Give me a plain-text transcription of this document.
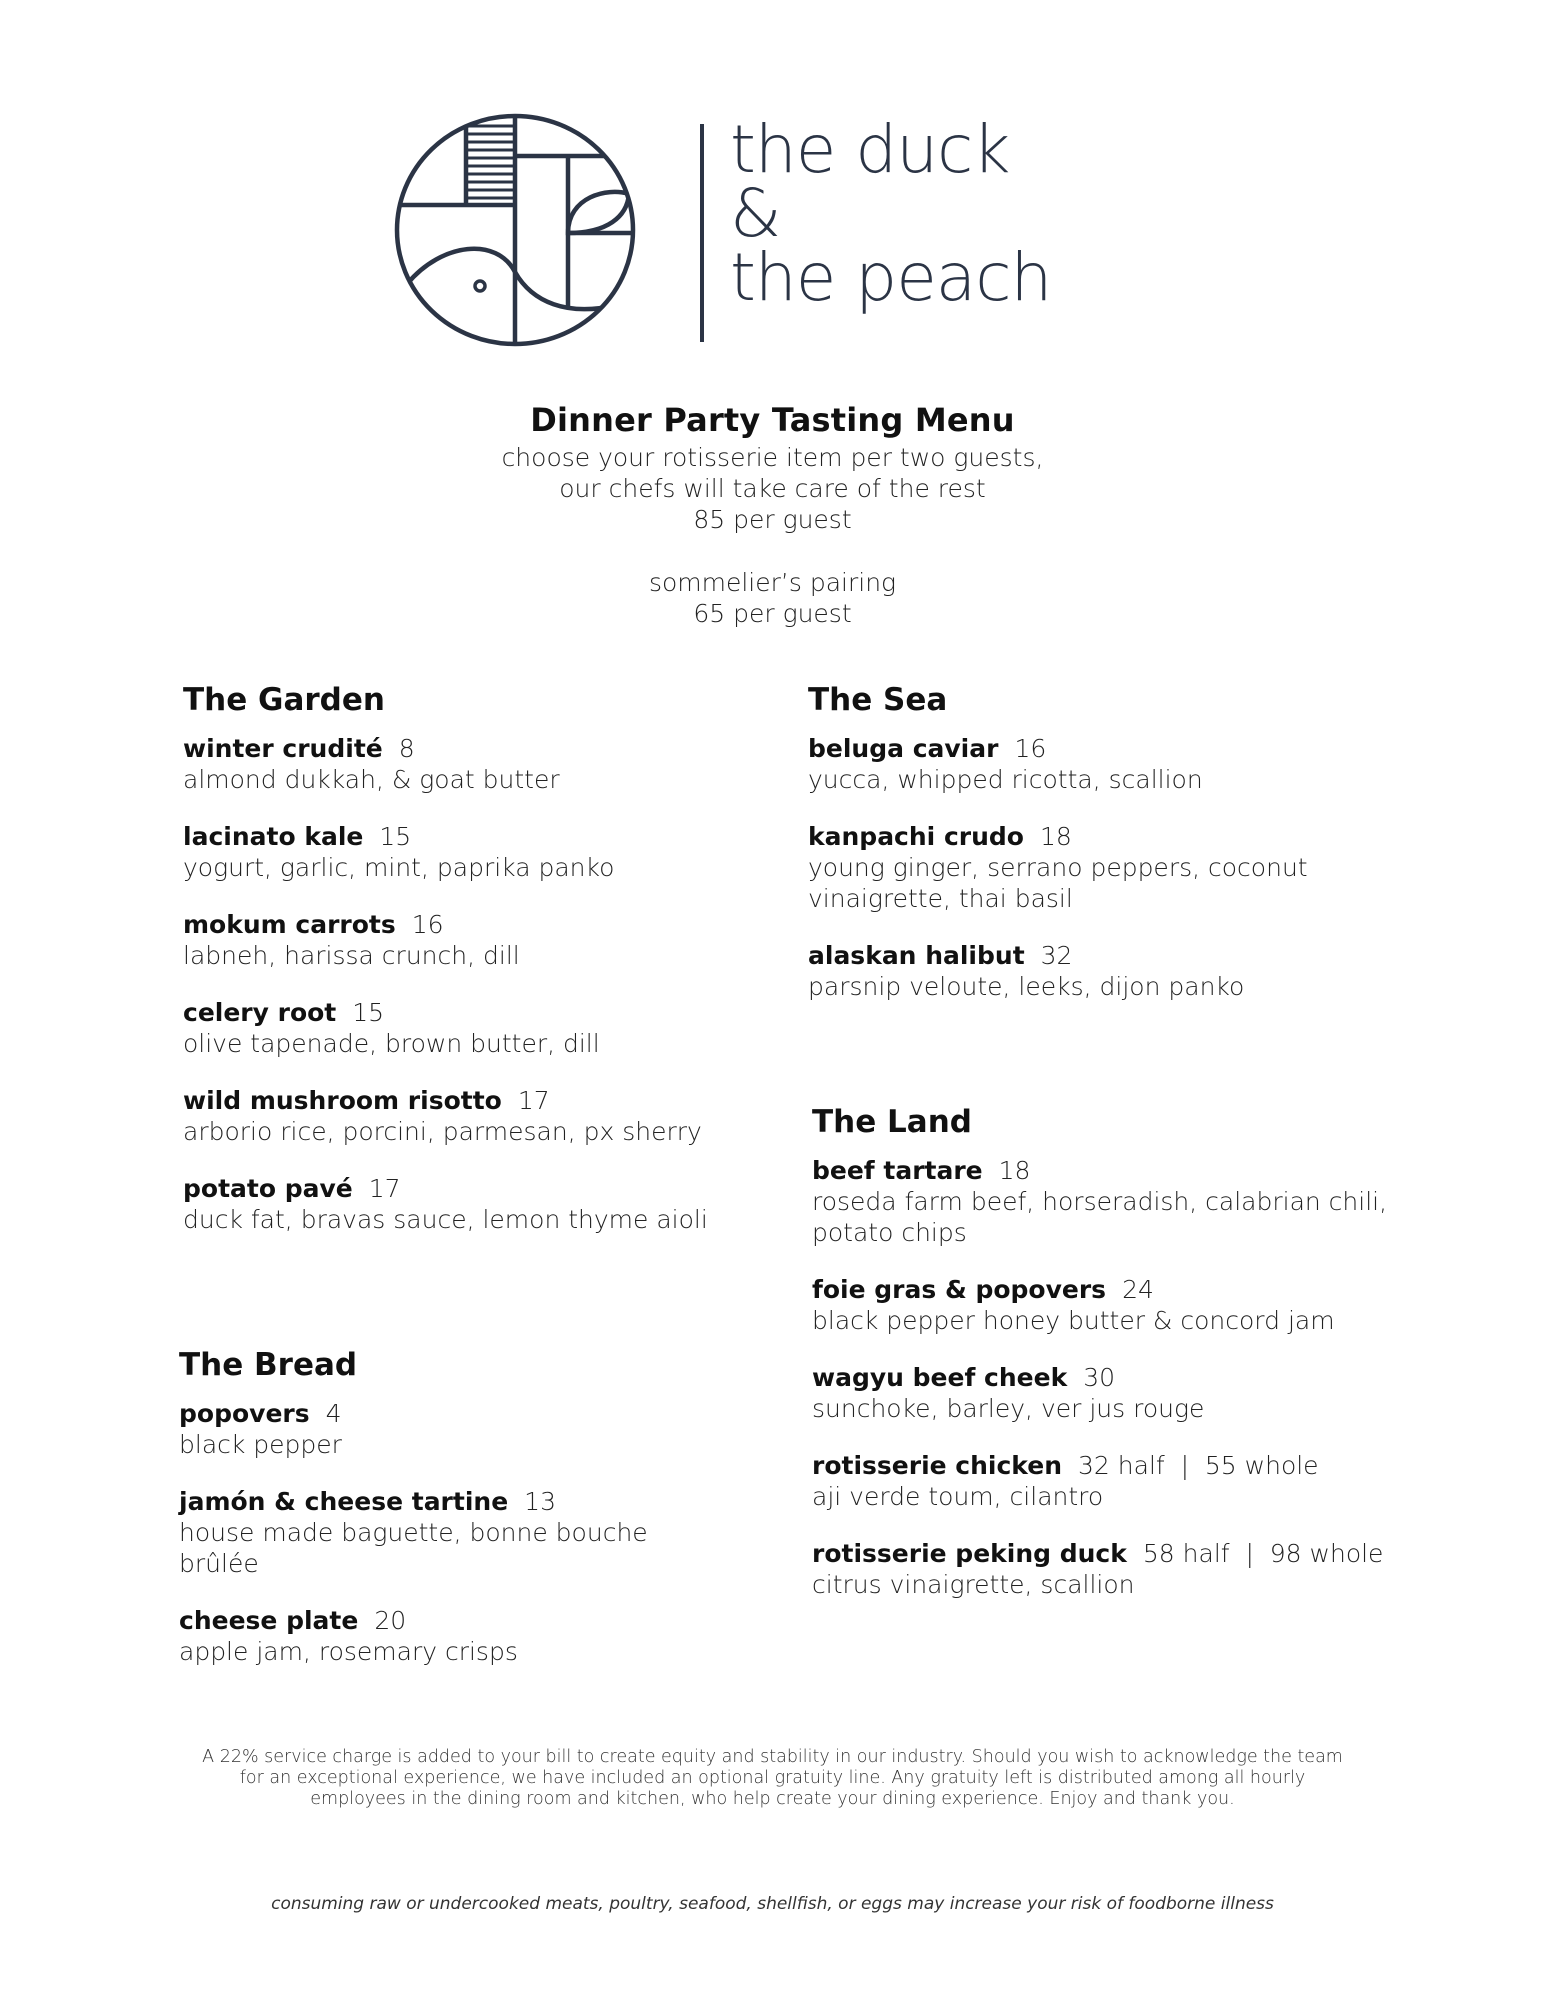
the duck
&
the peach
Dinner Party Tasting Menu
choose your rotisserie item per two guests,
our chefs will take care of the rest
85 per guest
sommelier’s pairing
65 per guest
The Garden
winter crudité 8
almond dukkah, & goat butter
lacinato kale 15
yogurt, garlic, mint, paprika panko
mokum carrots 16
labneh, harissa crunch, dill
celery root 15
olive tapenade, brown butter, dill
wild mushroom risotto 17
arborio rice, porcini, parmesan, px sherry
potato pavé 17
duck fat, bravas sauce, lemon thyme aioli
The Bread
popovers 4
black pepper
jamón & cheese tartine 13
house made baguette, bonne bouche
brûlée
cheese plate 20
apple jam, rosemary crisps
The Sea
beluga caviar 16
yucca, whipped ricotta, scallion
kanpachi crudo 18
young ginger, serrano peppers, coconut
vinaigrette, thai basil
alaskan halibut 32
parsnip veloute, leeks, dijon panko
The Land
beef tartare 18
roseda farm beef, horseradish, calabrian chili,
potato chips
foie gras & popovers 24
black pepper honey butter & concord jam
wagyu beef cheek 30
sunchoke, barley, ver jus rouge
rotisserie chicken 32 half  |  55 whole
aji verde toum, cilantro
rotisserie peking duck 58 half  |  98 whole
citrus vinaigrette, scallion
A 22% service charge is added to your bill to create equity and stability in our industry. Should you wish to acknowledge the team
for an exceptional experience, we have included an optional gratuity line. Any gratuity left is distributed among all hourly
employees in the dining room and kitchen, who help create your dining experience. Enjoy and thank you.
consuming raw or undercooked meats, poultry, seafood, shellfish, or eggs may increase your risk of foodborne illness
